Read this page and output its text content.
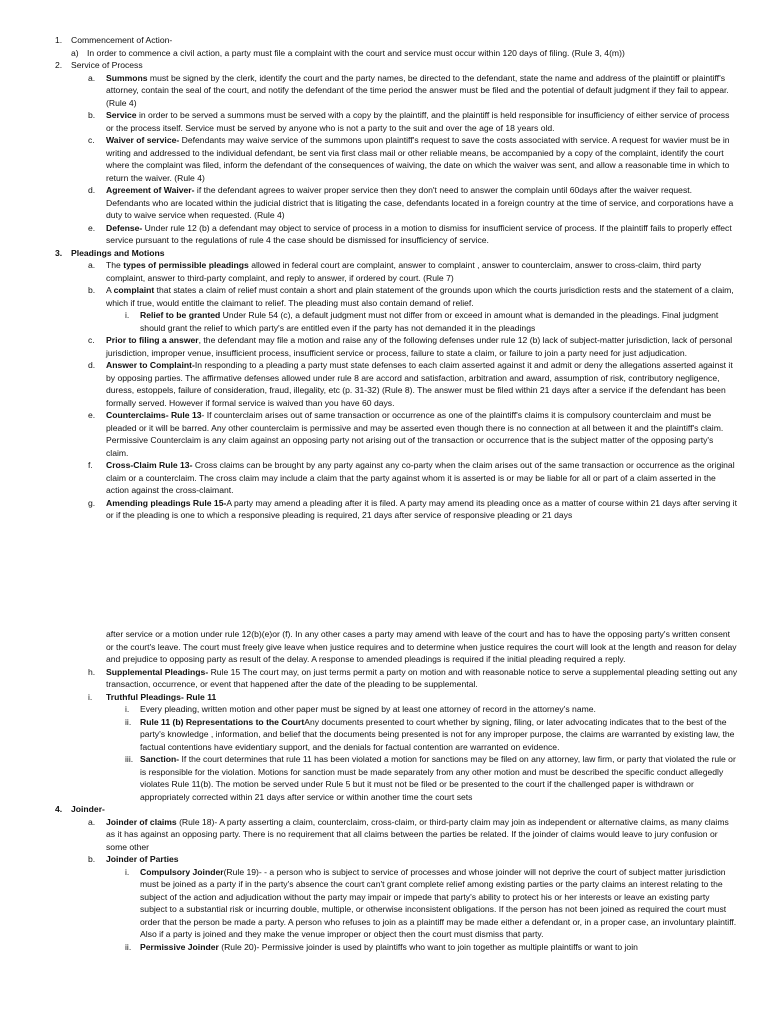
1. Commencement of Action-
a) In order to commence a civil action, a party must file a complaint with the court and service must occur within 120 days of filing. (Rule 3, 4(m))
2. Service of Process
a. Summons must be signed by the clerk, identify the court and the party names, be directed to the defendant, state the name and address of the plaintiff or plaintiff's attorney, contain the seal of the court, and notify the defendant of the time period the answer must be filed and the potential of default judgment if they fail to appear. (Rule 4)
b. Service in order to be served a summons must be served with a copy by the plaintiff, and the plaintiff is held responsible for insufficiency of either service of process or the process itself. Service must be served by anyone who is not a party to the suit and over the age of 18 years old.
c. Waiver of service- Defendants may waive service of the summons upon plaintiff's request to save the costs associated with service. A request for wavier must be in writing and addressed to the individual defendant, be sent via first class mail or other reliable means, be accompanied by a copy of the complaint, identify the court where the complaint was filed, inform the defendant of the consequences of waiving, the date on which the waiver was sent, and allow a reasonable time in which to return the waiver. (Rule 4)
d. Agreement of Waiver- if the defendant agrees to waiver proper service then they don't need to answer the complain until 60days after the waiver request. Defendants who are located within the judicial district that is litigating the case, defendants located in a foreign country at the time of service, and corporations have a duty to waive service when requested. (Rule 4)
e. Defense- Under rule 12 (b) a defendant may object to service of process in a motion to dismiss for insufficient service of process. If the plaintiff fails to properly effect service pursuant to the regulations of rule 4 the case should be dismissed for insufficiency of service.
3. Pleadings and Motions
a. The types of permissible pleadings allowed in federal court are complaint, answer to complaint , answer to counterclaim, answer to cross-claim, third party complaint, answer to third-party complaint, and reply to answer, if ordered by court. (Rule 7)
b. A complaint that states a claim of relief must contain a short and plain statement of the grounds upon which the courts jurisdiction rests and the statement of a claim, which if true, would entitle the claimant to relief. The pleading must also contain demand of relief.
i. Relief to be granted Under Rule 54 (c), a default judgment must not differ from or exceed in amount what is demanded in the pleadings. Final judgment should grant the relief to which party's are entitled even if the party has not demanded it in the pleadings
c. Prior to filing a answer, the defendant may file a motion and raise any of the following defenses under rule 12 (b) lack of subject-matter jurisdiction, lack of personal jurisdiction, improper venue, insufficient process, insufficient service or process, failure to state a claim, or failure to join a party need for just adjudication.
d. Answer to Complaint-In responding to a pleading a party must state defenses to each claim asserted against it and admit or deny the allegations asserted against it by opposing parties. The affirmative defenses allowed under rule 8 are accord and satisfaction, arbitration and award, assumption of risk, contributory negligence, duress, estoppels, failure of consideration, fraud, illegality, etc (p. 31-32) (Rule 8). The answer must be filed within 21 days after a service if the defendant has been formally served. However if formal service is waived than you have 60 days.
e. Counterclaims- Rule 13- If counterclaim arises out of same transaction or occurrence as one of the plaintiff's claims it is compulsory counterclaim and must be pleaded or it will be barred. Any other counterclaim is permissive and may be asserted even though there is no connection at all between it and the plaintiff's claim. Permissive Counterclaim is any claim against an opposing party not arising out of the transaction or occurrence that is the subject matter of the opposing party's claim.
f. Cross-Claim Rule 13- Cross claims can be brought by any party against any co-party when the claim arises out of the same transaction or occurrence as the original claim or a counterclaim. The cross claim may include a claim that the party against whom it is asserted is or may be liable for all or part of a claim asserted in the action against the cross-claimant.
g. Amending pleadings Rule 15-A party may amend a pleading after it is filed. A party may amend its pleading once as a matter of course within 21 days after serving it or if the pleading is one to which a responsive pleading is required, 21 days after service of responsive pleading or 21 days
after service or a motion under rule 12(b)(e)or (f). In any other cases a party may amend with leave of the court and has to have the opposing party's written consent or the court's leave. The court must freely give leave when justice requires and to determine when justice requires the court will look at the length and reason for delay and prejudice to opposing party as result of the delay. A response to amended pleadings is required if the initial pleading required a reply.
h. Supplemental Pleadings- Rule 15 The court may, on just terms permit a party on motion and with reasonable notice to serve a supplemental pleading setting out any transaction, occurrence, or event that happened after the date of the pleading to be supplemental.
i. Truthful Pleadings- Rule 11
i. Every pleading, written motion and other paper must be signed by at least one attorney of record in the attorney's name.
ii. Rule 11 (b) Representations to the CourtAny documents presented to court whether by signing, filing, or later advocating indicates that to the best of the party's knowledge , information, and belief that the documents being presented is not for any improper purpose, the claims are warranted by existing law, the factual contentions have evidentiary support, and the denials for factual contention are warranted on evidence.
iii. Sanction- If the court determines that rule 11 has been violated a motion for sanctions may be filed on any attorney, law firm, or party that violated the rule or is responsible for the violation. Motions for sanction must be made separately from any other motion and must be described the specific conduct allegedly violates Rule 11(b). The motion be served under Rule 5 but it must not be filed or be presented to the court if the challenged paper is withdrawn or appropriately corrected within 21 days after service or within another time the court sets
4. Joinder-
a. Joinder of claims (Rule 18)- A party asserting a claim, counterclaim, cross-claim, or third-party claim may join as independent or alternative claims, as many claims as it has against an opposing party. There is no requirement that all claims between the parties be related. If the joinder of claims would leave to jury confusion or some other
b. Joinder of Parties
i. Compulsory Joinder(Rule 19)- - a person who is subject to service of processes and whose joinder will not deprive the court of subject matter jurisdiction must be joined as a party if in the party's absence the court can't grant complete relief among existing parties or the party claims an interest relating to the subject of the action and adjudication without the party may impair or impede that party's ability to protect his or her interests or leave an existing party subject to a substantial risk or incurring double, multiple, or otherwise inconsistent obligations. If the person has not been joined as required the court must order that the person be made a party. A person who refuses to join as a plaintiff may be made either a defendant or, in a proper case, an involuntary plaintiff. Also if a party is joined and they make the venue improper or object then the court must dismiss that party.
ii. Permissive Joinder (Rule 20)- Permissive joinder is used by plaintiffs who want to join together as multiple plaintiffs or want to join
